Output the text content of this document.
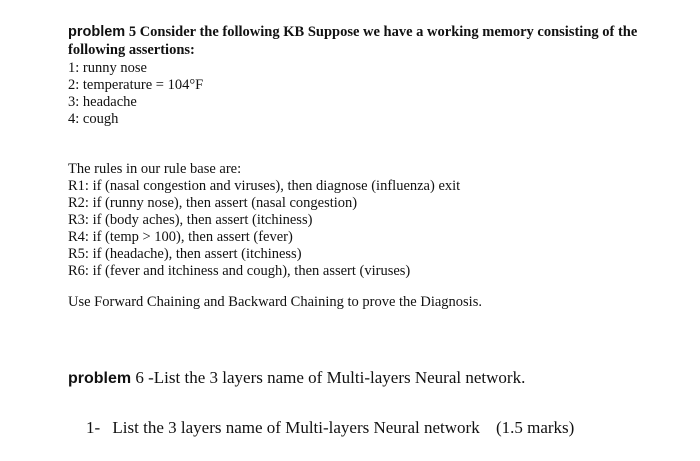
problem 5 Consider the following KB Suppose we have a working memory consisting of the
following assertions:
1: runny nose
2: temperature = 104°F
3: headache
4: cough
The rules in our rule base are:
R1: if (nasal congestion and viruses), then diagnose (influenza) exit
R2: if (runny nose), then assert (nasal congestion)
R3: if (body aches), then assert (itchiness)
R4: if (temp > 100), then assert (fever)
R5: if (headache), then assert (itchiness)
R6: if (fever and itchiness and cough), then assert (viruses)
Use Forward Chaining and Backward Chaining to prove the Diagnosis.
problem 6 -List the 3 layers name of Multi-layers Neural network.
1- List the 3 layers name of Multi-layers Neural network (1.5 marks)
